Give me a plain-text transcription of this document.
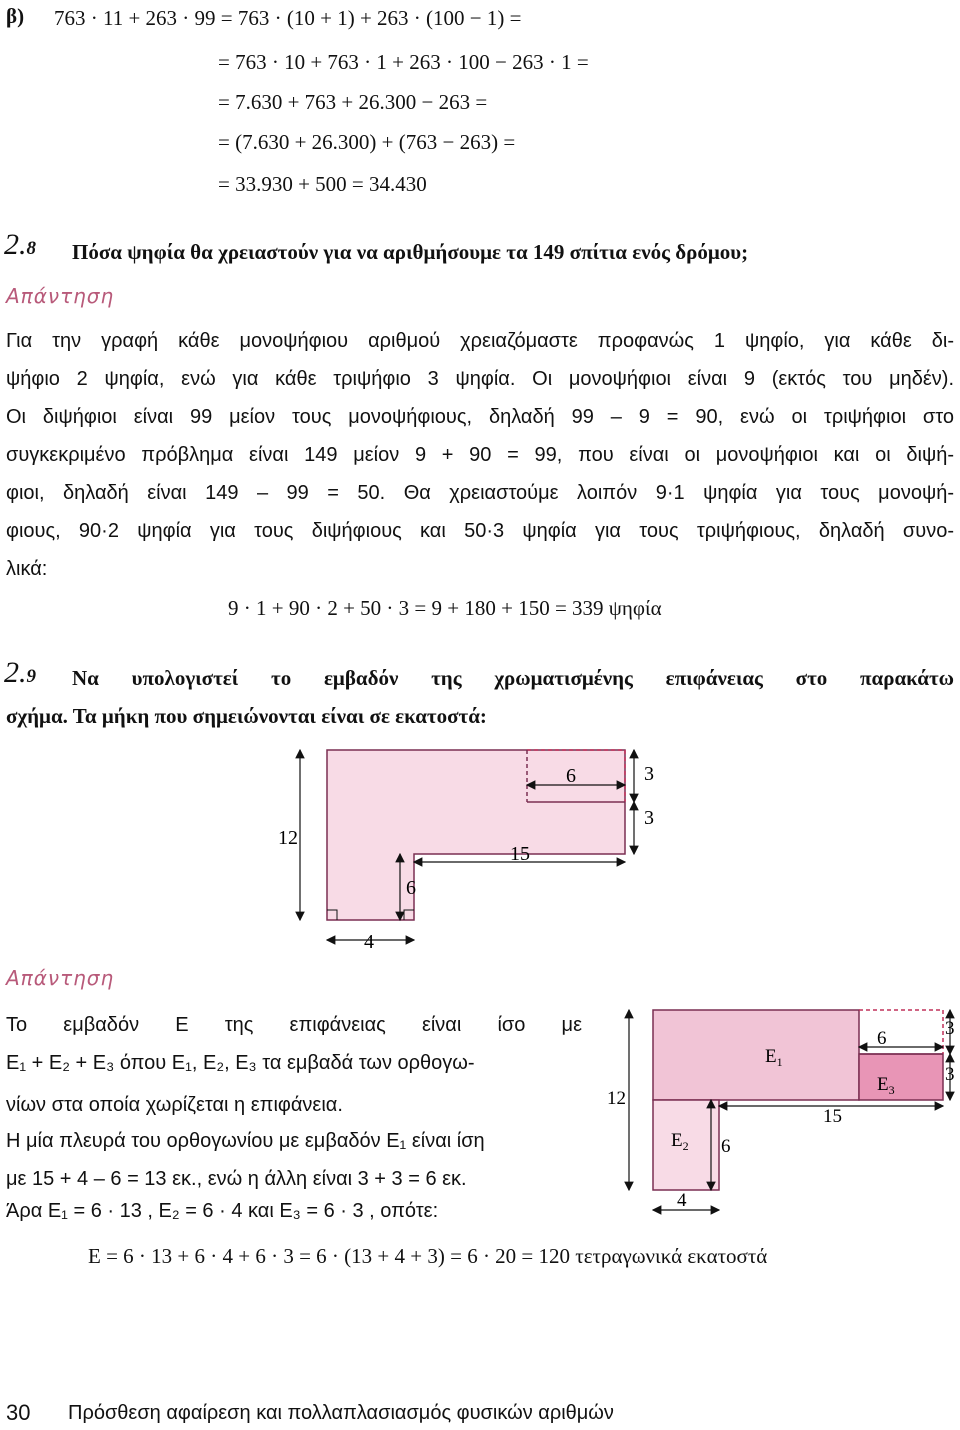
β) 763 · 11 + 263 · 99 = 763 · (10 + 1) + 263 · (100 − 1) =
= 763 · 10 + 763 · 1 + 263 · 100 − 263 · 1 =
= 7.630 + 763 + 26.300 − 263 =
= (7.630 + 26.300) + (763 − 263) =
= 33.930 + 500 = 34.430
2.8 Πόσα ψηφία θα χρειαστούν για να αριθμήσουμε τα 149 σπίτια ενός δρόμου;
Απάντηση
Για την γραφή κάθε μονοψήφιου αριθμού χρειαζόμαστε προφανώς 1 ψηφίο, για κάθε δι-
ψήφιο 2 ψηφία, ενώ για κάθε τριψήφιο 3 ψηφία. Οι μονοψήφιοι είναι 9 (εκτός του μηδέν).
Οι διψήφιοι είναι 99 μείον τους μονοψήφιους, δηλαδή 99 – 9 = 90, ενώ οι τριψήφιοι στο
συγκεκριμένο πρόβλημα είναι 149 μείον 9 + 90 = 99, που είναι οι μονοψήφιοι και οι διψή-
φιοι, δηλαδή είναι 149 – 99 = 50. Θα χρειαστούμε λοιπόν 9·1 ψηφία για τους μονοψή-
φιους, 90·2 ψηφία για τους διψήφιους και 50·3 ψηφία για τους τριψήφιους, δηλαδή συνο-
λικά:
9 · 1 + 90 · 2 + 50 · 3 = 9 + 180 + 150 = 339 ψηφία
2.9 Να υπολογιστεί το εμβαδόν της χρωματισμένης επιφάνειας στο παρακάτω
σχήμα. Τα μήκη που σημειώνονται είναι σε εκατοστά:
12
6	3
3
15
6
4
Απάντηση
Το εμβαδόν Ε της επιφάνειας είναι ίσο με
Ε₁ + Ε₂ + Ε₃ όπου Ε₁, Ε₂, Ε₃ τα εμβαδά των ορθογω-
νίων στα οποία χωρίζεται η επιφάνεια.
Η μία πλευρά του ορθογωνίου με εμβαδόν Ε₁ είναι ίση
με 15 + 4 – 6 = 13 εκ., ενώ η άλλη είναι 3 + 3 = 6 εκ.
Άρα Ε₁ = 6 · 13 , Ε₂ = 6 · 4 και Ε₃ = 6 · 3 , οπότε:
12
6	3
3
15
6
4
$E_1$
$E_3$
$E_2$
Ε = 6 · 13 + 6 · 4 + 6 · 3 = 6 · (13 + 4 + 3) = 6 · 20 = 120 τετραγωνικά εκατοστά
30 Πρόσθεση αφαίρεση και πολλαπλασιασμός φυσικών αριθμών
